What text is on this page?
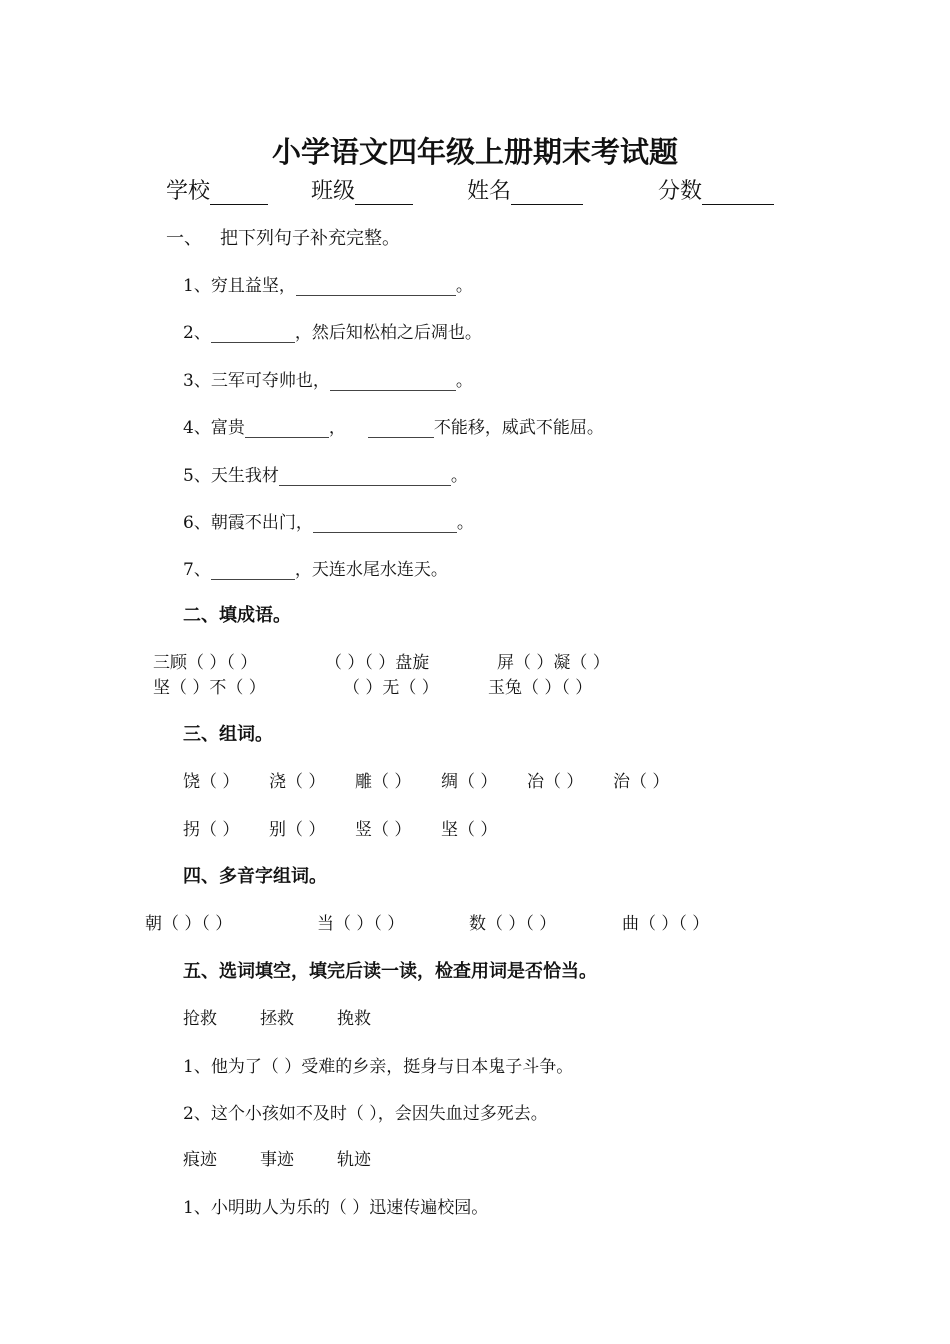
小学语文四年级上册期末考试题
学校	班级	姓名	分数
一、 把下列句子补充完整。
1、穷且益坚，	。
2、	，然后知松柏之后凋也。
3、三军可夺帅也，	。
4、富贵	，	不能移，威武不能屈。
5、天生我材	。
6、朝霞不出门，	。
7、	，天连水尾水连天。
二、填成语。
三顾（ ）（ ）	（ ）（ ）盘旋	屏（ ）凝（ ）
坚（ ）不（ ）	（ ）无（ ）	玉兔（ ）（ ）
三、组词。
饶（ ） 浇（ ） 雕（ ） 绸（ ） 冶（ ） 治（ ）
拐（ ） 别（ ） 竖（ ） 坚（ ）
四、多音字组词。
朝（ ）（ ）	当（ ）（ ）	数（ ）（ ）	曲（ ）（ ）
五、选词填空，填完后读一读，检查用词是否恰当。
抢救	拯救	挽救
1、他为了（ ）受难的乡亲，挺身与日本鬼子斗争。
2、这个小孩如不及时（ ），会因失血过多死去。
痕迹	事迹	轨迹
1、小明助人为乐的（ ）迅速传遍校园。
